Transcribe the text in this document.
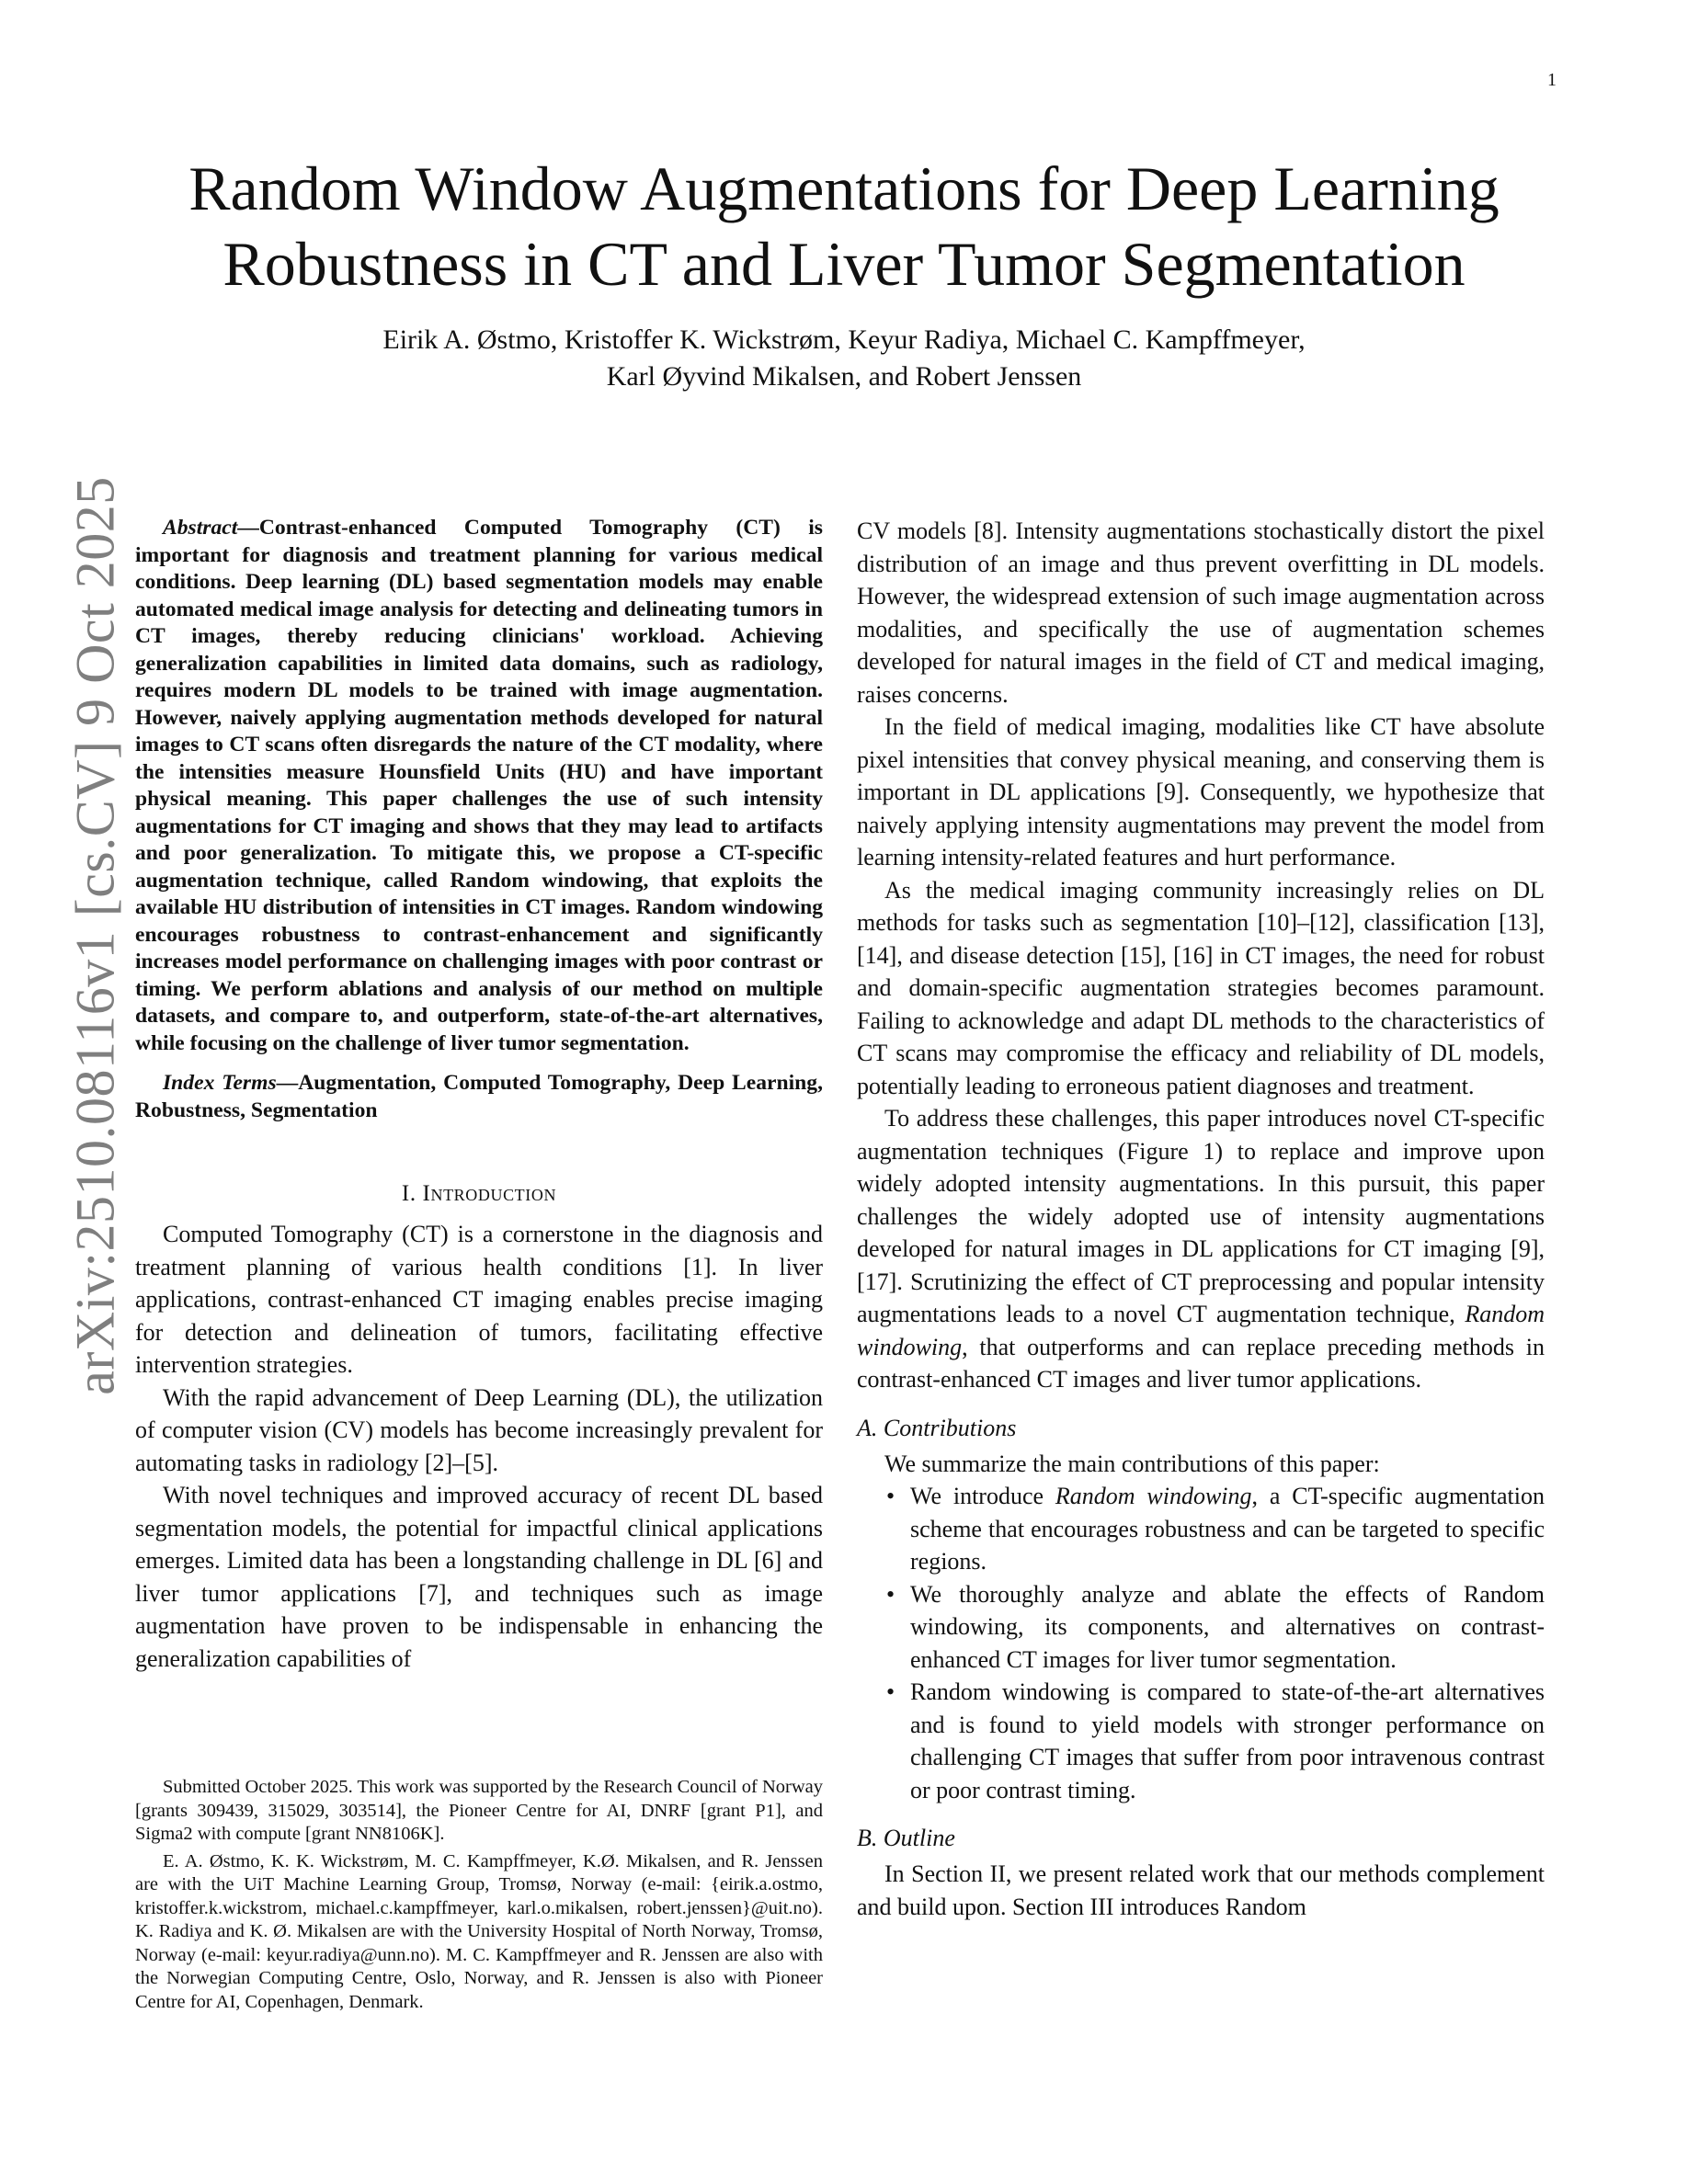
1
arXiv:2510.08116v1 [cs.CV] 9 Oct 2025
Random Window Augmentations for Deep Learning
Robustness in CT and Liver Tumor Segmentation
Eirik A. Østmo, Kristoffer K. Wickstrøm, Keyur Radiya, Michael C. Kampffmeyer,
Karl Øyvind Mikalsen, and Robert Jenssen

Abstract—Contrast-enhanced Computed Tomography (CT) is important for diagnosis and treatment planning for various medical conditions. Deep learning (DL) based segmentation models may enable automated medical image analysis for detecting and delineating tumors in CT images, thereby reducing clinicians' workload. Achieving generalization capabilities in limited data domains, such as radiology, requires modern DL models to be trained with image augmentation. However, naively applying augmentation methods developed for natural images to CT scans often disregards the nature of the CT modality, where the intensities measure Hounsfield Units (HU) and have important physical meaning. This paper challenges the use of such intensity augmentations for CT imaging and shows that they may lead to artifacts and poor generalization. To mitigate this, we propose a CT-specific augmentation technique, called Random windowing, that exploits the available HU distribution of intensities in CT images. Random windowing encourages robustness to contrast-enhancement and significantly increases model performance on challenging images with poor contrast or timing. We perform ablations and analysis of our method on multiple datasets, and compare to, and outperform, state-of-the-art alternatives, while focusing on the challenge of liver tumor segmentation.

Index Terms—Augmentation, Computed Tomography, Deep Learning, Robustness, Segmentation

I. Introduction

Computed Tomography (CT) is a cornerstone in the diagnosis and treatment planning of various health conditions [1]. In liver applications, contrast-enhanced CT imaging enables precise imaging for detection and delineation of tumors, facilitating effective intervention strategies.

With the rapid advancement of Deep Learning (DL), the utilization of computer vision (CV) models has become increasingly prevalent for automating tasks in radiology [2]–[5].

With novel techniques and improved accuracy of recent DL based segmentation models, the potential for impactful clinical applications emerges. Limited data has been a longstanding challenge in DL [6] and liver tumor applications [7], and techniques such as image augmentation have proven to be indispensable in enhancing the generalization capabilities of

Submitted October 2025. This work was supported by the Research Council of Norway [grants 309439, 315029, 303514], the Pioneer Centre for AI, DNRF [grant P1], and Sigma2 with compute [grant NN8106K].

E. A. Østmo, K. K. Wickstrøm, M. C. Kampffmeyer, K.Ø. Mikalsen, and R. Jenssen are with the UiT Machine Learning Group, Tromsø, Norway (e-mail: {eirik.a.ostmo, kristoffer.k.wickstrom, michael.c.kampffmeyer, karl.o.mikalsen, robert.jenssen}@uit.no). K. Radiya and K. Ø. Mikalsen are with the University Hospital of North Norway, Tromsø, Norway (e-mail: keyur.radiya@unn.no). M. C. Kampffmeyer and R. Jenssen are also with the Norwegian Computing Centre, Oslo, Norway, and R. Jenssen is also with Pioneer Centre for AI, Copenhagen, Denmark.

CV models [8]. Intensity augmentations stochastically distort the pixel distribution of an image and thus prevent overfitting in DL models. However, the widespread extension of such image augmentation across modalities, and specifically the use of augmentation schemes developed for natural images in the field of CT and medical imaging, raises concerns.

In the field of medical imaging, modalities like CT have absolute pixel intensities that convey physical meaning, and conserving them is important in DL applications [9]. Consequently, we hypothesize that naively applying intensity augmentations may prevent the model from learning intensity-related features and hurt performance.

As the medical imaging community increasingly relies on DL methods for tasks such as segmentation [10]–[12], classification [13], [14], and disease detection [15], [16] in CT images, the need for robust and domain-specific augmentation strategies becomes paramount. Failing to acknowledge and adapt DL methods to the characteristics of CT scans may compromise the efficacy and reliability of DL models, potentially leading to erroneous patient diagnoses and treatment.

To address these challenges, this paper introduces novel CT-specific augmentation techniques (Figure 1) to replace and improve upon widely adopted intensity augmentations. In this pursuit, this paper challenges the widely adopted use of intensity augmentations developed for natural images in DL applications for CT imaging [9], [17]. Scrutinizing the effect of CT preprocessing and popular intensity augmentations leads to a novel CT augmentation technique, Random windowing, that outperforms and can replace preceding methods in contrast-enhanced CT images and liver tumor applications.

A. Contributions

We summarize the main contributions of this paper:

• We introduce Random windowing, a CT-specific augmentation scheme that encourages robustness and can be targeted to specific regions.
• We thoroughly analyze and ablate the effects of Random windowing, its components, and alternatives on contrast-enhanced CT images for liver tumor segmentation.
• Random windowing is compared to state-of-the-art alternatives and is found to yield models with stronger performance on challenging CT images that suffer from poor intravenous contrast or poor contrast timing.
B. Outline

In Section II, we present related work that our methods complement and build upon. Section III introduces Random
